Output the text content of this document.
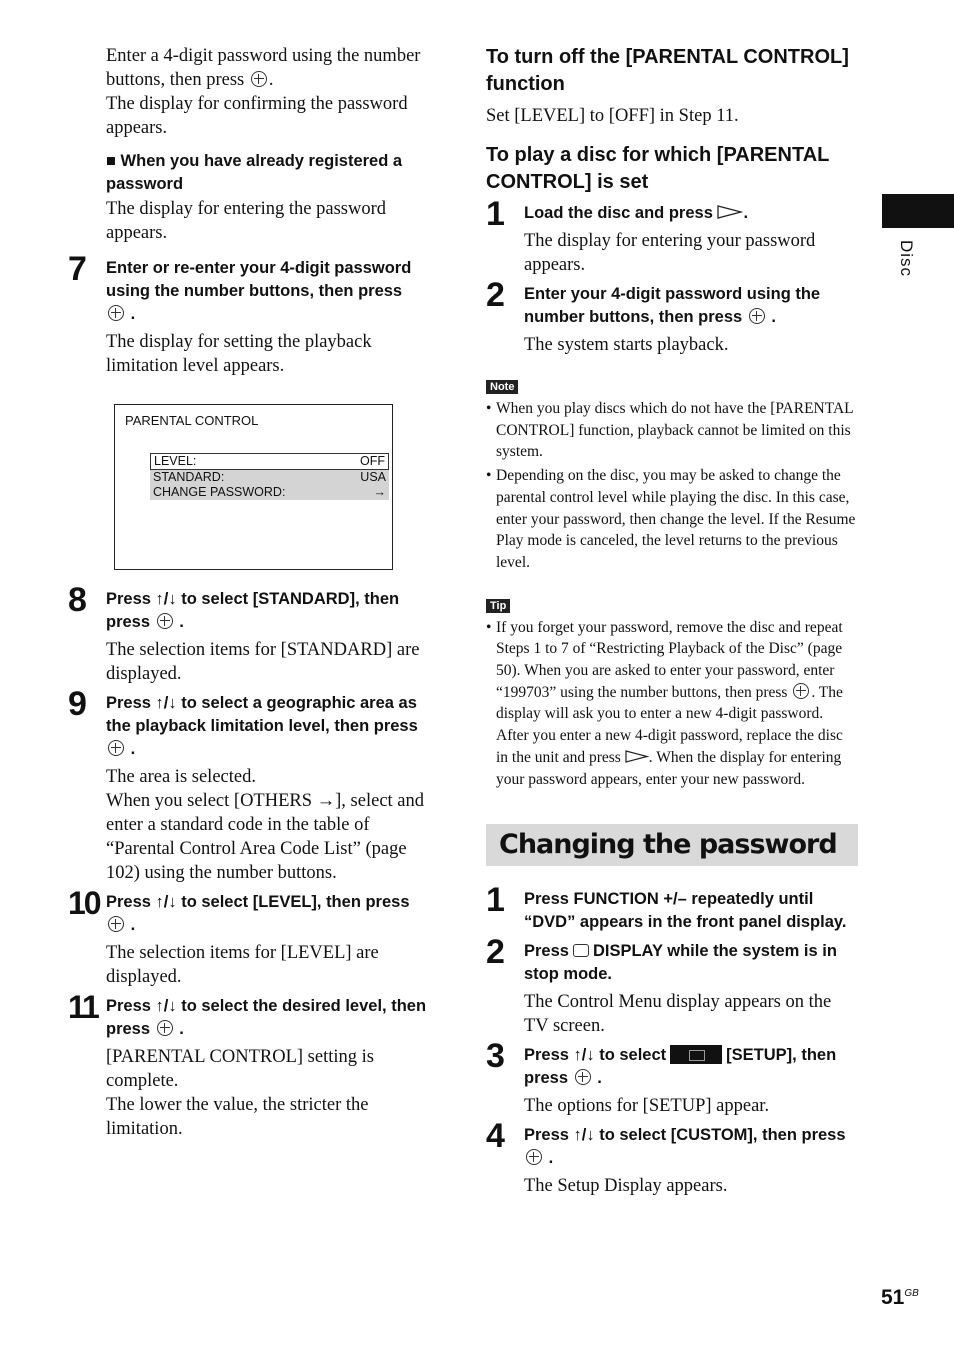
Disc

Enter a 4-digit password using the number buttons, then press .

The display for confirming the password appears.

■ When you have already registered a password

The display for entering the password appears.

7 Enter or re-enter your 4-digit password using the number buttons, then press
.

The display for setting the playback limitation level appears.

PARENTAL CONTROL
LEVEL:	OFF
STANDARD:	USA
CHANGE PASSWORD:	→
8 Press ↑/↓ to select [STANDARD], then press  .

The selection items for [STANDARD] are displayed.

9 Press ↑/↓ to select a geographic area as the playback limitation level, then press  .

The area is selected.

When you select [OTHERS →], select and enter a standard code in the table of “Parental Control Area Code List” (page 102) using the number buttons.

10 Press ↑/↓ to select [LEVEL], then press
.

The selection items for [LEVEL] are displayed.

11 Press ↑/↓ to select the desired level, then press  .

[PARENTAL CONTROL] setting is complete.

The lower the value, the stricter the limitation.

To turn off the [PARENTAL CONTROL] function

Set [LEVEL] to [OFF] in Step 11.

To play a disc for which [PARENTAL CONTROL] is set

1 Load the disc and press .

The display for entering your password appears.

2 Enter your 4-digit password using the number buttons, then press  .

The system starts playback.

Note
• When you play discs which do not have the [PARENTAL CONTROL] function, playback cannot be limited on this system.
• Depending on the disc, you may be asked to change the parental control level while playing the disc. In this case, enter your password, then change the level. If the Resume Play mode is canceled, the level returns to the previous level.
Tip
• If you forget your password, remove the disc and repeat Steps 1 to 7 of “Restricting Playback of the Disc” (page 50). When you are asked to enter your password, enter “199703” using the number buttons, then press . The display will ask you to enter a new 4-digit password. After you enter a new 4-digit password, replace the disc in the unit and press . When the display for entering your password appears, enter your new password.
Changing the password
1 Press FUNCTION +/– repeatedly until “DVD” appears in the front panel display.

2 Press DISPLAY while the system is in stop mode.

The Control Menu display appears on the TV screen.

3 Press ↑/↓ to select	[SETUP], then press  .

The options for [SETUP] appear.

4 Press ↑/↓ to select [CUSTOM], then press  .

The Setup Display appears.

$51^{GB}$
